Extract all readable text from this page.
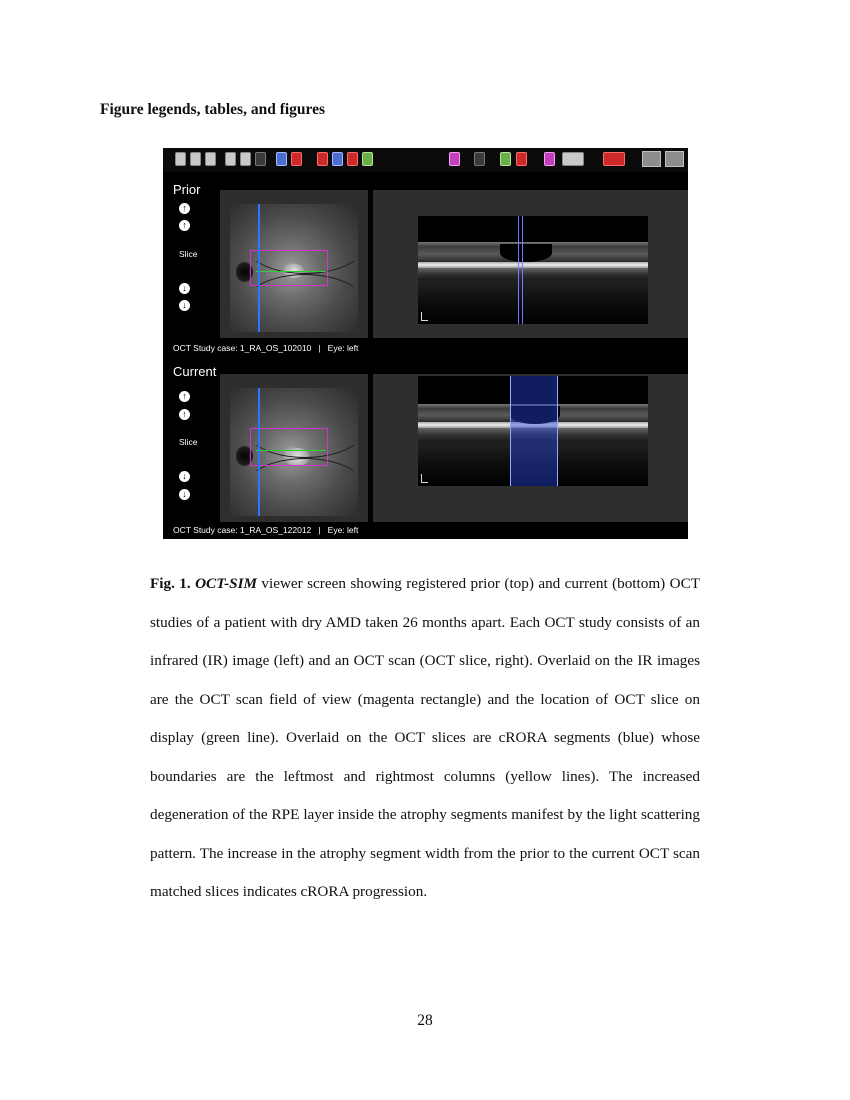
Figure legends, tables, and figures
Prior
↑
↑
Slice
↓
↓
OCT Study case: 1_RA_OS_102010   |   Eye: left
Current
↑
↑
Slice
↓
↓
OCT Study case: 1_RA_OS_122012   |   Eye: left

Fig. 1. OCT-SIM viewer screen showing registered prior (top) and current (bottom) OCT studies of a patient with dry AMD taken 26 months apart. Each OCT study consists of an infrared (IR) image (left) and an OCT scan (OCT slice, right). Overlaid on the IR images are the OCT scan field of view (magenta rectangle) and the location of OCT slice on display (green line). Overlaid on the OCT slices are cRORA segments (blue) whose boundaries are the leftmost and rightmost columns (yellow lines). The increased degeneration of the RPE layer inside the atrophy segments manifest by the light scattering pattern. The increase in the atrophy segment width from the prior to the current OCT scan matched slices indicates cRORA progression.

28
